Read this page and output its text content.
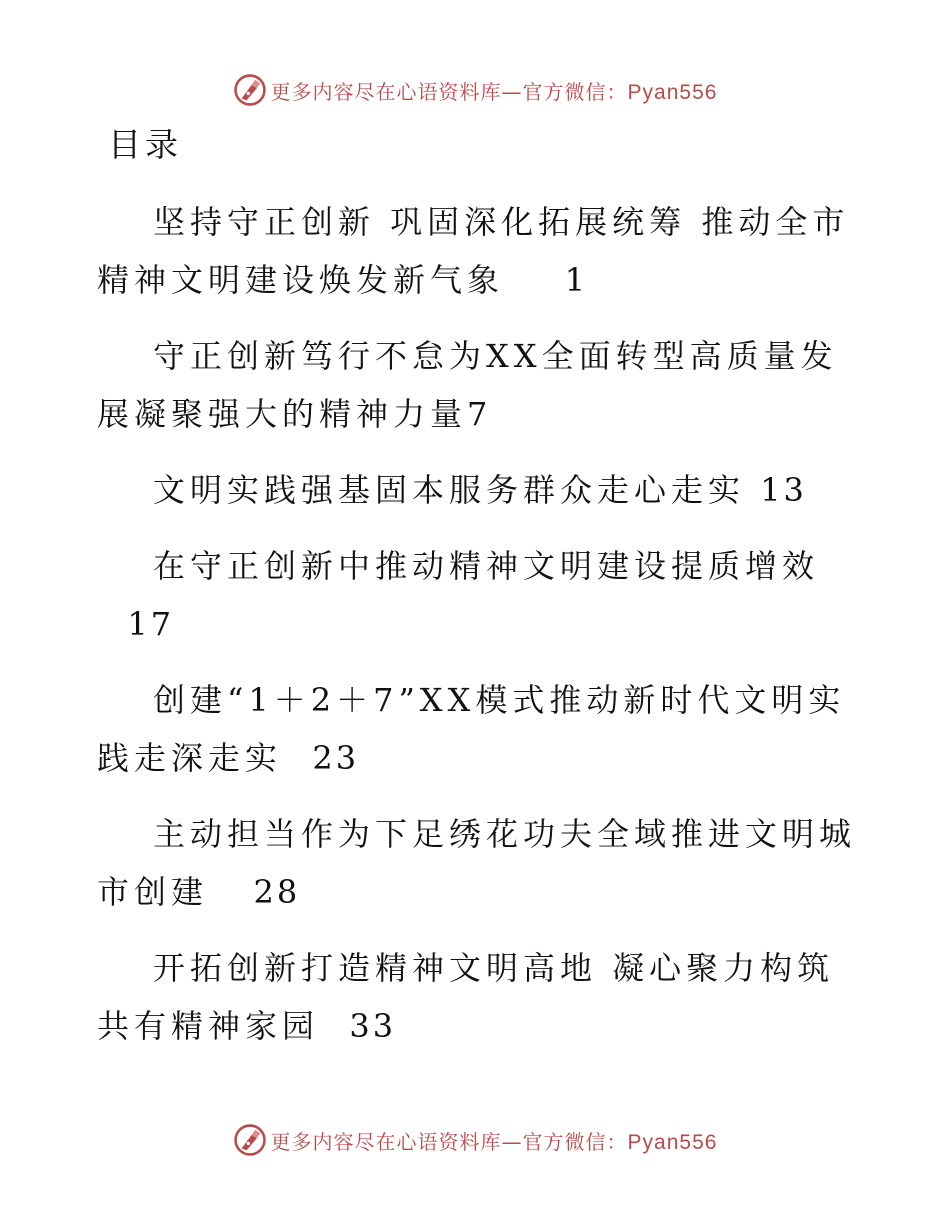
更多内容尽在心语资料库—官方微信：Pyan556
目录
坚持守正创新 巩固深化拓展统筹 推动全市精神文明建设焕发新气象 1
守正创新笃行不怠为XX全面转型高质量发展凝聚强大的精神力量7
文明实践强基固本服务群众走心走实 13
在守正创新中推动精神文明建设提质增效  17
创建“1＋2＋7”XX模式推动新时代文明实践走深走实 23
主动担当作为下足绣花功夫全域推进文明城市创建 28
开拓创新打造精神文明高地 凝心聚力构筑共有精神家园 33
更多内容尽在心语资料库—官方微信：Pyan556
